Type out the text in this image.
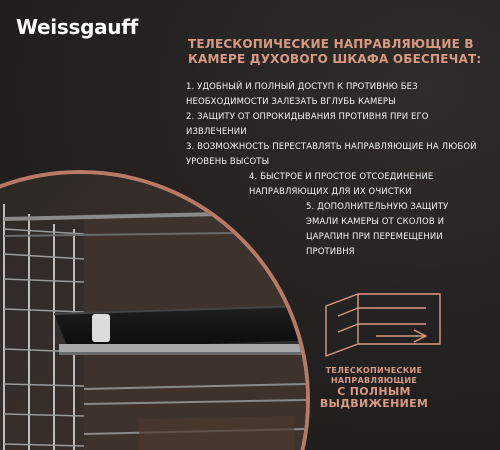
Weissgauff
ТЕЛЕСКОПИЧЕСКИЕ НАПРАВЛЯЮЩИЕ В
КАМЕРЕ ДУХОВОГО ШКАФА ОБЕСПЕЧАТ:
1. УДОБНЫЙ И ПОЛНЫЙ ДОСТУП К ПРОТИВНЮ БЕЗ
НЕОБХОДИМОСТИ ЗАЛЕЗАТЬ ВГЛУБЬ КАМЕРЫ
2. ЗАЩИТУ ОТ ОПРОКИДЫВАНИЯ ПРОТИВНЯ ПРИ ЕГО
ИЗВЛЕЧЕНИИ
3. ВОЗМОЖНОСТЬ ПЕРЕСТАВЛЯТЬ НАПРАВЛЯЮЩИЕ НА ЛЮБОЙ
УРОВЕНЬ ВЫСОТЫ
4. БЫСТРОЕ И ПРОСТОЕ ОТСОЕДИНЕНИЕ
НАПРАВЛЯЮЩИХ ДЛЯ ИХ ОЧИСТКИ
5. ДОПОЛНИТЕЛЬНУЮ ЗАЩИТУ
ЭМАЛИ КАМЕРЫ ОТ СКОЛОВ И
ЦАРАПИН ПРИ ПЕРЕМЕЩЕНИИ
ПРОТИВНЯ
ТЕЛЕСКОПИЧЕСКИЕ
НАПРАВЛЯЮЩИЕ
С ПОЛНЫМ
ВЫДВИЖЕНИЕМ
